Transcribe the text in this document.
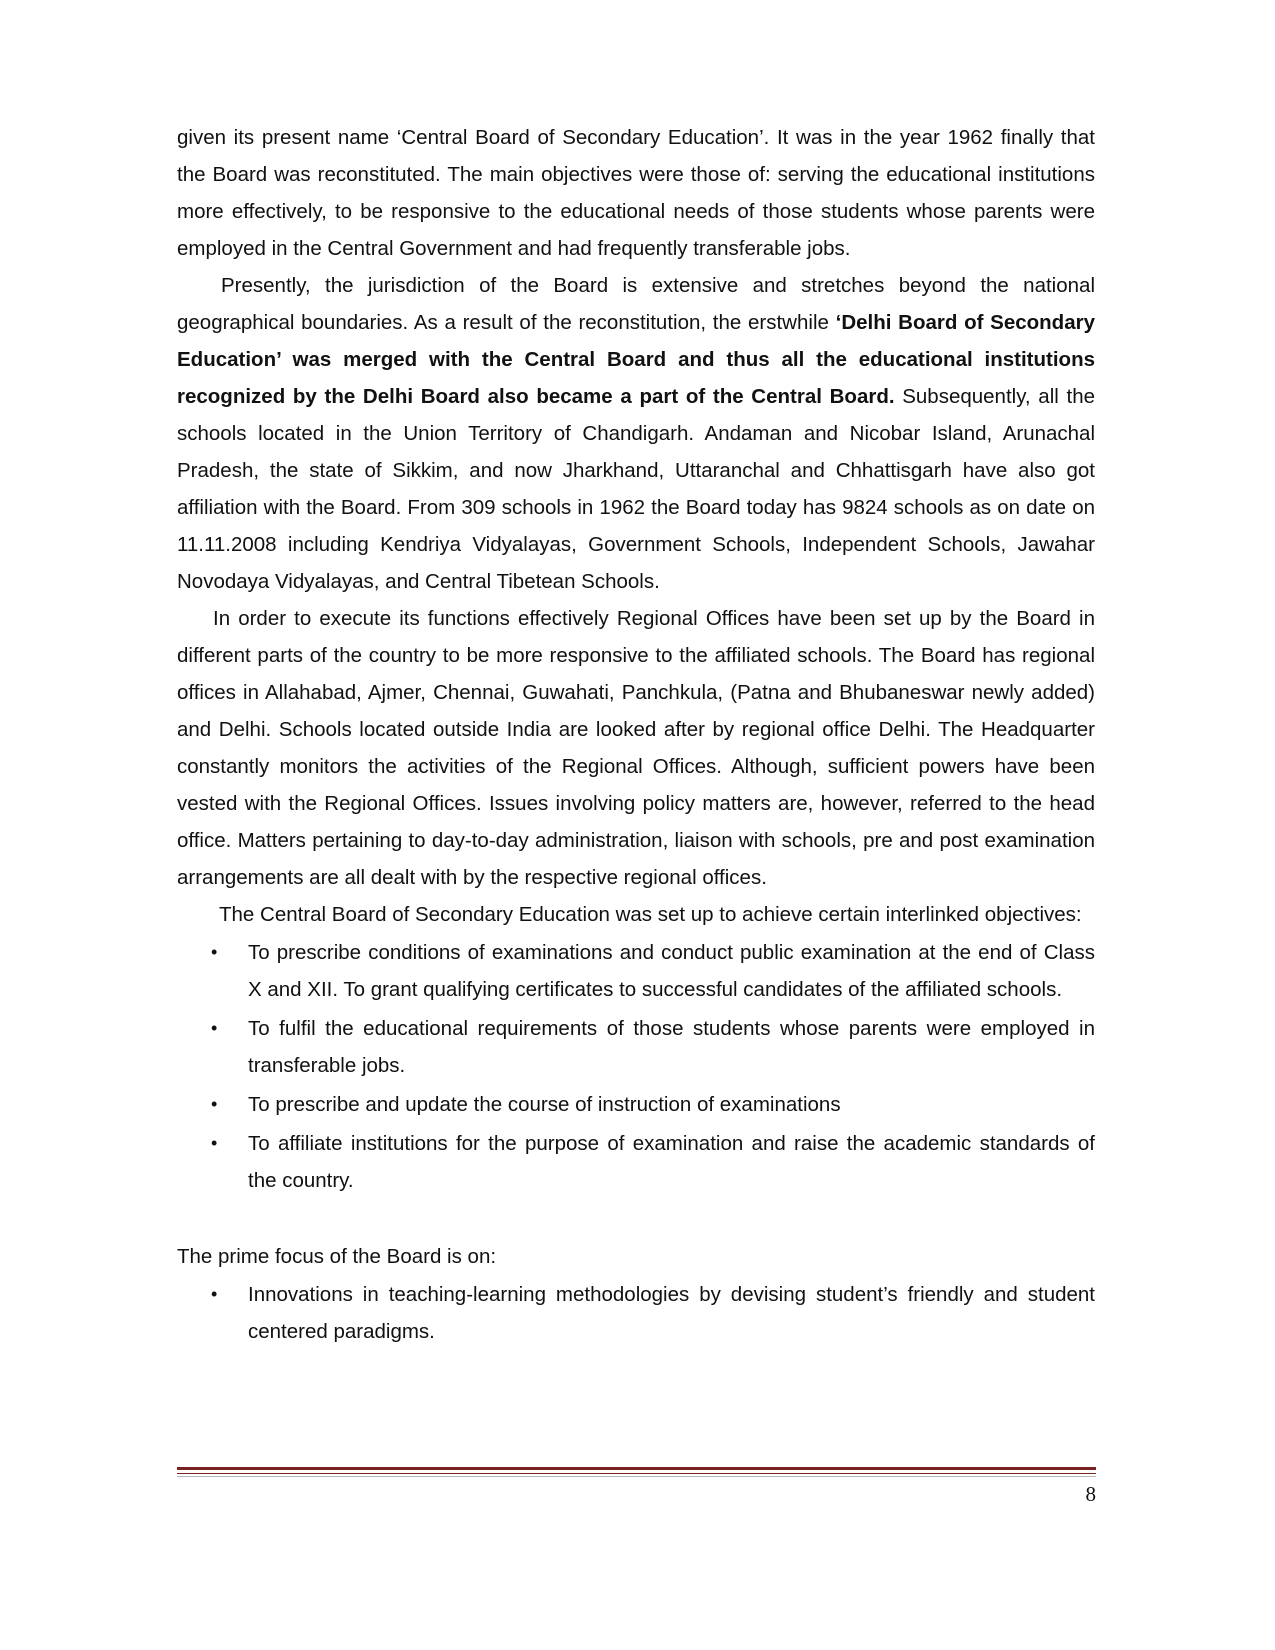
given its present name ‘Central Board of Secondary Education’. It was in the year 1962 finally that the Board was reconstituted. The main objectives were those of: serving the educational institutions more effectively, to be responsive to the educational needs of those students whose parents were employed in the Central Government and had frequently transferable jobs.

Presently, the jurisdiction of the Board is extensive and stretches beyond the national geographical boundaries. As a result of the reconstitution, the erstwhile ‘Delhi Board of Secondary Education’ was merged with the Central Board and thus all the educational institutions recognized by the Delhi Board also became a part of the Central Board. Subsequently, all the schools located in the Union Territory of Chandigarh. Andaman and Nicobar Island, Arunachal Pradesh, the state of Sikkim, and now Jharkhand, Uttaranchal and Chhattisgarh have also got affiliation with the Board. From 309 schools in 1962 the Board today has 9824 schools as on date on 11.11.2008 including Kendriya Vidyalayas, Government Schools, Independent Schools, Jawahar Novodaya Vidyalayas, and Central Tibetean Schools.

In order to execute its functions effectively Regional Offices have been set up by the Board in different parts of the country to be more responsive to the affiliated schools. The Board has regional offices in Allahabad, Ajmer, Chennai, Guwahati, Panchkula, (Patna and Bhubaneswar newly added) and Delhi. Schools located outside India are looked after by regional office Delhi. The Headquarter constantly monitors the activities of the Regional Offices. Although, sufficient powers have been vested with the Regional Offices. Issues involving policy matters are, however, referred to the head office. Matters pertaining to day-to-day administration, liaison with schools, pre and post examination arrangements are all dealt with by the respective regional offices.

The Central Board of Secondary Education was set up to achieve certain interlinked objectives:

• To prescribe conditions of examinations and conduct public examination at the end of Class X and XII. To grant qualifying certificates to successful candidates of the affiliated schools.
• To fulfil the educational requirements of those students whose parents were employed in transferable jobs.
• To prescribe and update the course of instruction of examinations
• To affiliate institutions for the purpose of examination and raise the academic standards of the country.

The prime focus of the Board is on:

• Innovations in teaching-learning methodologies by devising student’s friendly and student centered paradigms.
8
